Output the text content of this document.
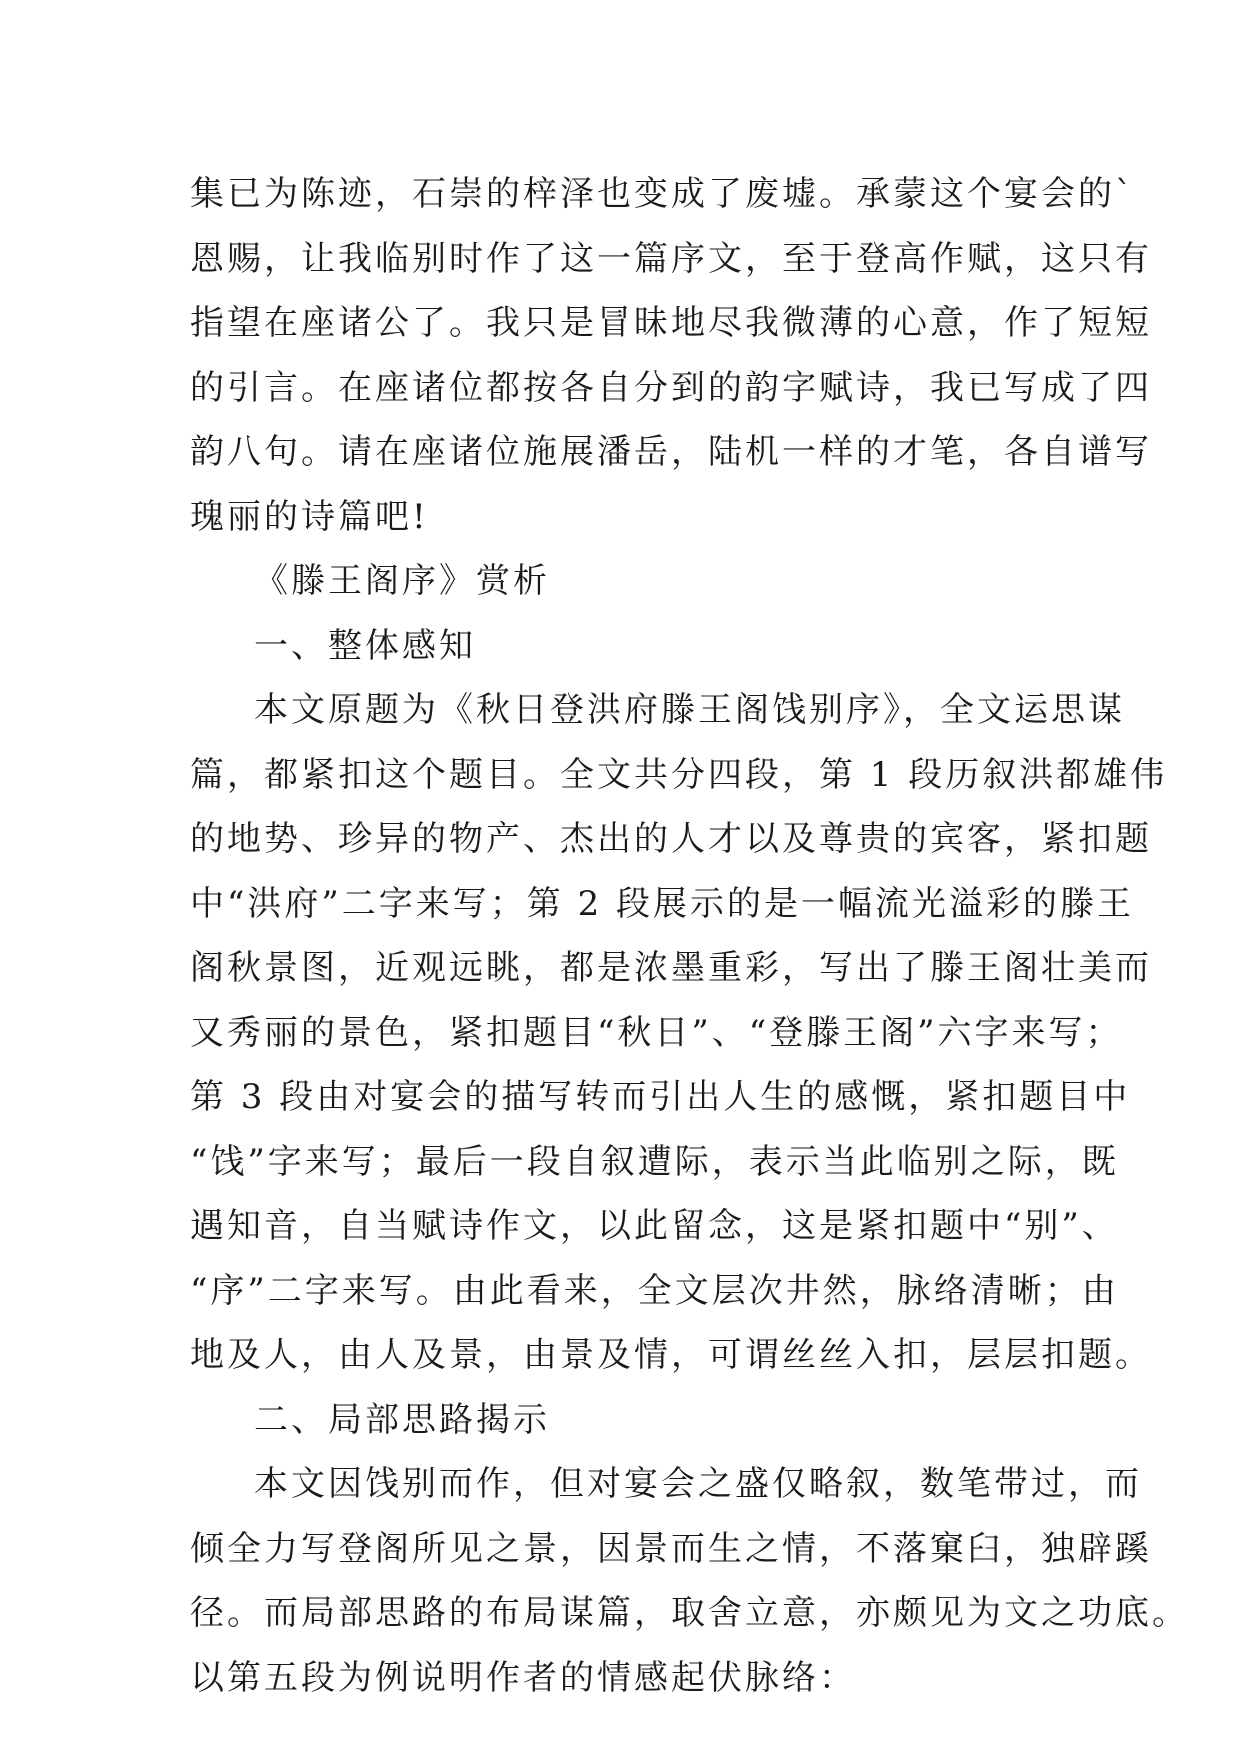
集已为陈迹，石崇的梓泽也变成了废墟。承蒙这个宴会的`

恩赐，让我临别时作了这一篇序文，至于登高作赋，这只有

指望在座诸公了。我只是冒昧地尽我微薄的心意，作了短短

的引言。在座诸位都按各自分到的韵字赋诗，我已写成了四

韵八句。请在座诸位施展潘岳，陆机一样的才笔，各自谱写

瑰丽的诗篇吧!

《滕王阁序》赏析

一、整体感知

本文原题为《秋日登洪府滕王阁饯别序》，全文运思谋

篇，都紧扣这个题目。全文共分四段，第 1 段历叙洪都雄伟

的地势、珍异的物产、杰出的人才以及尊贵的宾客，紧扣题

中“洪府”二字来写；第 2 段展示的是一幅流光溢彩的滕王

阁秋景图，近观远眺，都是浓墨重彩，写出了滕王阁壮美而

又秀丽的景色，紧扣题目“秋日”、“登滕王阁”六字来写；

第 3 段由对宴会的描写转而引出人生的感慨，紧扣题目中

“饯”字来写；最后一段自叙遭际，表示当此临别之际，既

遇知音，自当赋诗作文，以此留念，这是紧扣题中“别”、

“序”二字来写。由此看来，全文层次井然，脉络清晰；由

地及人，由人及景，由景及情，可谓丝丝入扣，层层扣题。

二、局部思路揭示

本文因饯别而作，但对宴会之盛仅略叙，数笔带过，而

倾全力写登阁所见之景，因景而生之情，不落窠臼，独辟蹊

径。而局部思路的布局谋篇，取舍立意，亦颇见为文之功底。

以第五段为例说明作者的情感起伏脉络：
